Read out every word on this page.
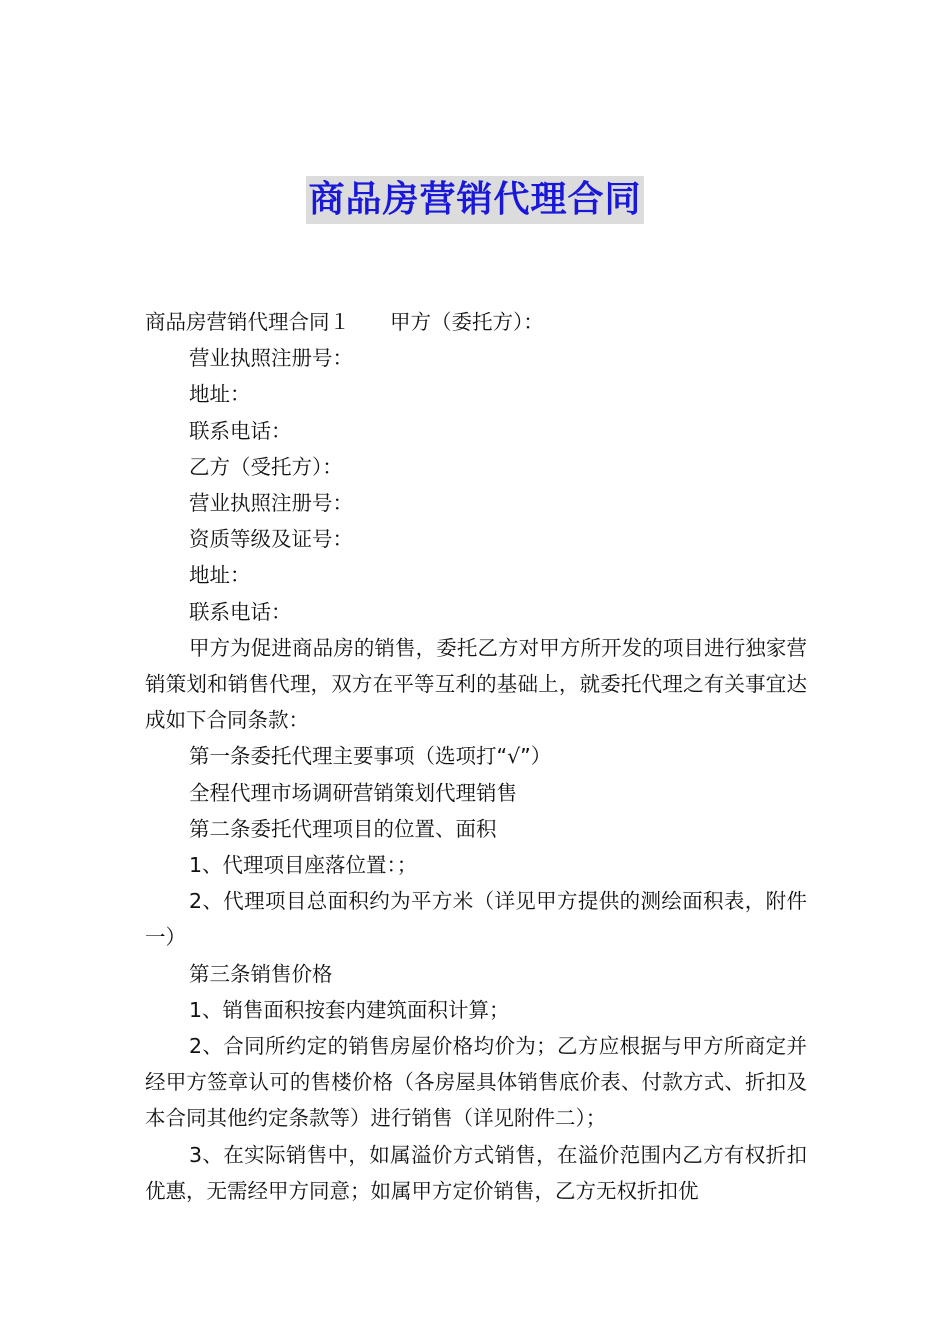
商品房营销代理合同

商品房营销代理合同１ 甲方（委托方）：

营业执照注册号：

地址：

联系电话：

乙方（受托方）：

营业执照注册号：

资质等级及证号：

地址：

联系电话：

甲方为促进商品房的销售，委托乙方对甲方所开发的项目进行独家营销策划和销售代理，双方在平等互利的基础上，就委托代理之有关事宜达成如下合同条款：

第一条委托代理主要事项（选项打“√”）

全程代理市场调研营销策划代理销售

第二条委托代理项目的位置、面积

1、代理项目座落位置：；

2、代理项目总面积约为平方米（详见甲方提供的测绘面积表，附件一）

第三条销售价格

1、销售面积按套内建筑面积计算；

2、合同所约定的销售房屋价格均价为；乙方应根据与甲方所商定并经甲方签章认可的售楼价格（各房屋具体销售底价表、付款方式、折扣及本合同其他约定条款等）进行销售（详见附件二）；

3、在实际销售中，如属溢价方式销售，在溢价范围内乙方有权折扣优惠，无需经甲方同意；如属甲方定价销售，乙方无权折扣优
